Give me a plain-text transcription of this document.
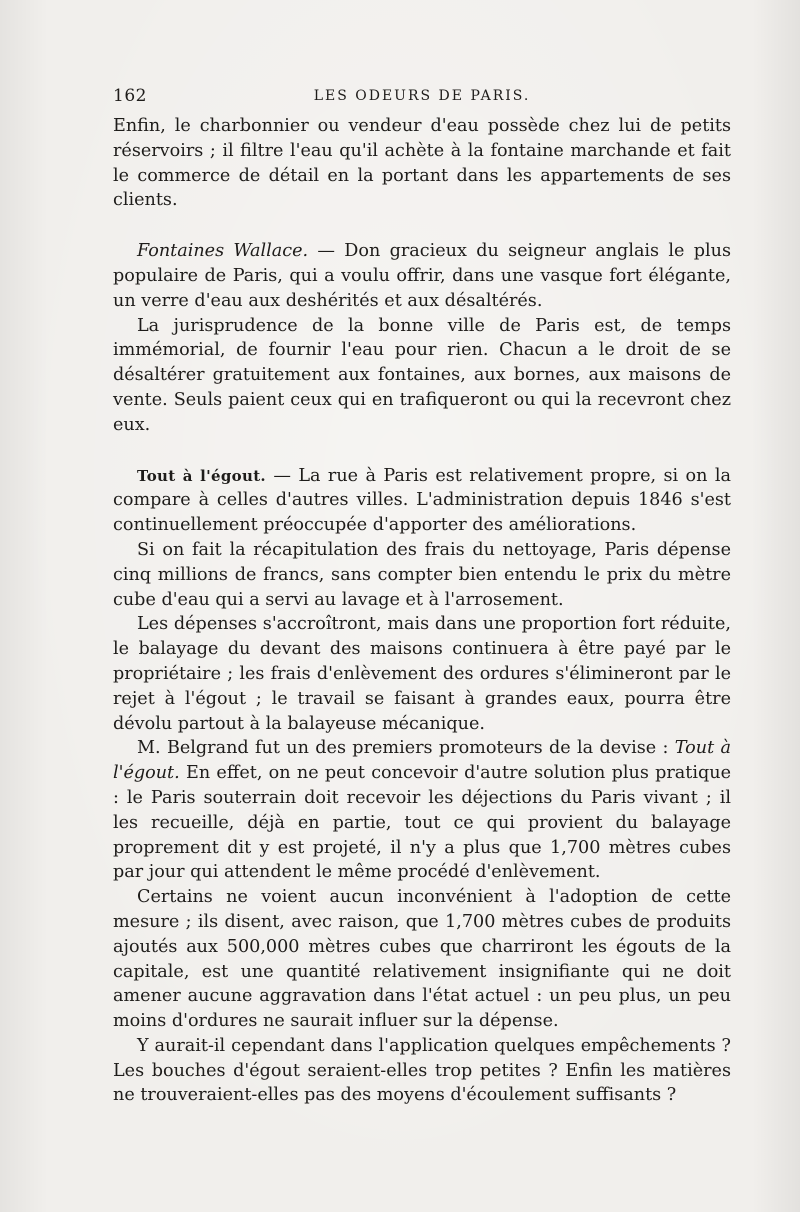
162	LES ODEURS DE PARIS.

Enfin, le charbonnier ou vendeur d'eau possède chez lui de petits réservoirs ; il filtre l'eau qu'il achète à la fontaine marchande et fait le commerce de détail en la portant dans les appartements de ses clients.

Fontaines Wallace. — Don gracieux du seigneur anglais le plus populaire de Paris, qui a voulu offrir, dans une vasque fort élégante, un verre d'eau aux deshérités et aux désaltérés.

La jurisprudence de la bonne ville de Paris est, de temps immémorial, de fournir l'eau pour rien. Chacun a le droit de se désaltérer gratuitement aux fontaines, aux bornes, aux maisons de vente. Seuls paient ceux qui en trafiqueront ou qui la recevront chez eux.

Tout à l'égout. — La rue à Paris est relativement propre, si on la compare à celles d'autres villes. L'administration depuis 1846 s'est continuellement préoccupée d'apporter des améliorations.

Si on fait la récapitulation des frais du nettoyage, Paris dépense cinq millions de francs, sans compter bien entendu le prix du mètre cube d'eau qui a servi au lavage et à l'arrosement.

Les dépenses s'accroîtront, mais dans une proportion fort réduite, le balayage du devant des maisons continuera à être payé par le propriétaire ; les frais d'enlèvement des ordures s'élimineront par le rejet à l'égout ; le travail se faisant à grandes eaux, pourra être dévolu partout à la balayeuse mécanique.

M. Belgrand fut un des premiers promoteurs de la devise : Tout à l'égout. En effet, on ne peut concevoir d'autre solution plus pratique : le Paris souterrain doit recevoir les déjections du Paris vivant ; il les recueille, déjà en partie, tout ce qui provient du balayage proprement dit y est projeté, il n'y a plus que 1,700 mètres cubes par jour qui attendent le même procédé d'enlèvement.

Certains ne voient aucun inconvénient à l'adoption de cette mesure ; ils disent, avec raison, que 1,700 mètres cubes de produits ajoutés aux 500,000 mètres cubes que charriront les égouts de la capitale, est une quantité relativement insignifiante qui ne doit amener aucune aggravation dans l'état actuel : un peu plus, un peu moins d'ordures ne saurait influer sur la dépense.

Y aurait-il cependant dans l'application quelques empêchements ? Les bouches d'égout seraient-elles trop petites ? Enfin les matières ne trouveraient-elles pas des moyens d'écoulement suffisants ?
